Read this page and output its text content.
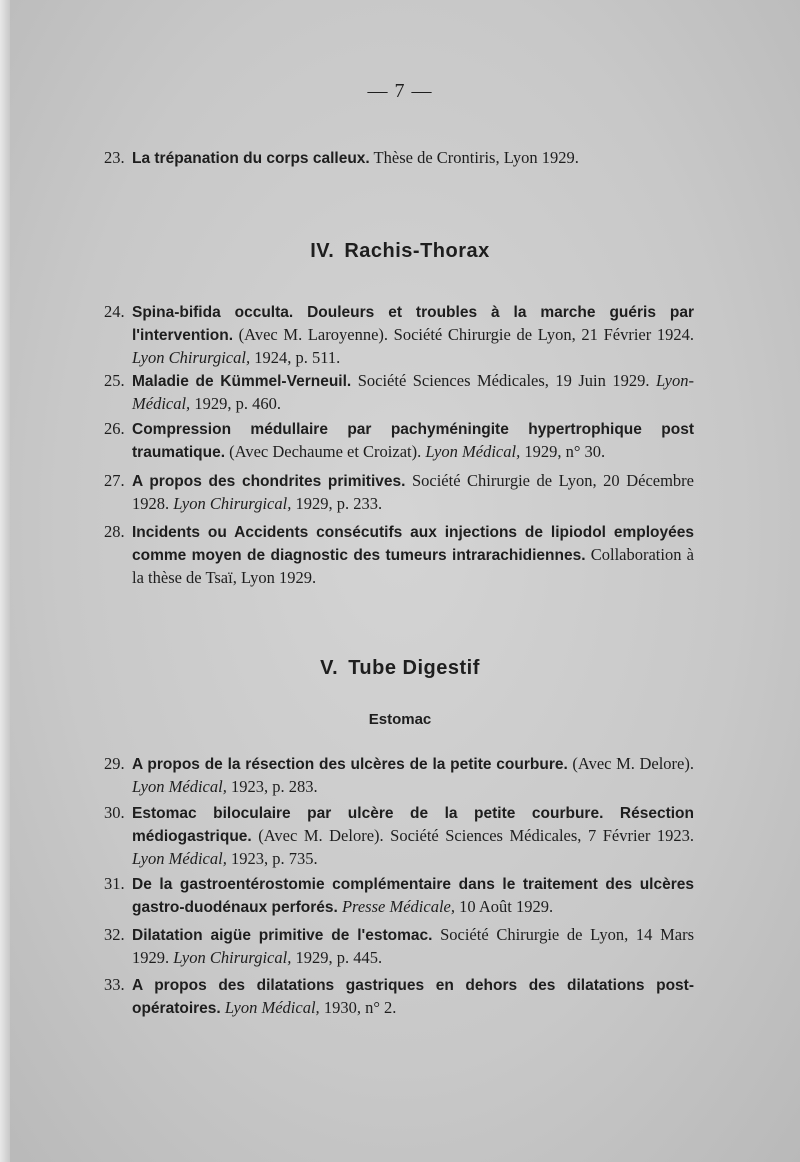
— 7 —
23. La trépanation du corps calleux. Thèse de Crontiris, Lyon 1929.
IV. Rachis-Thorax
24. Spina-bifida occulta. Douleurs et troubles à la marche guéris par l'intervention. (Avec M. Laroyenne). Société Chirurgie de Lyon, 21 Février 1924. Lyon Chirurgical, 1924, p. 511.
25. Maladie de Kümmel-Verneuil. Société Sciences Médicales, 19 Juin 1929. Lyon-Médical, 1929, p. 460.
26. Compression médullaire par pachyméningite hypertrophique post traumatique. (Avec Dechaume et Croizat). Lyon Médical, 1929, n° 30.
27. A propos des chondrites primitives. Société Chirurgie de Lyon, 20 Décembre 1928. Lyon Chirurgical, 1929, p. 233.
28. Incidents ou Accidents consécutifs aux injections de lipiodol employées comme moyen de diagnostic des tumeurs intrarachidiennes. Collaboration à la thèse de Tsaï, Lyon 1929.
V. Tube Digestif
Estomac
29. A propos de la résection des ulcères de la petite courbure. (Avec M. Delore). Lyon Médical, 1923, p. 283.
30. Estomac biloculaire par ulcère de la petite courbure. Résection médiogastrique. (Avec M. Delore). Société Sciences Médicales, 7 Février 1923. Lyon Médical, 1923, p. 735.
31. De la gastroentérostomie complémentaire dans le traitement des ulcères gastro-duodénaux perforés. Presse Médicale, 10 Août 1929.
32. Dilatation aigüe primitive de l'estomac. Société Chirurgie de Lyon, 14 Mars 1929. Lyon Chirurgical, 1929, p. 445.
33. A propos des dilatations gastriques en dehors des dilatations post-opératoires. Lyon Médical, 1930, n° 2.
